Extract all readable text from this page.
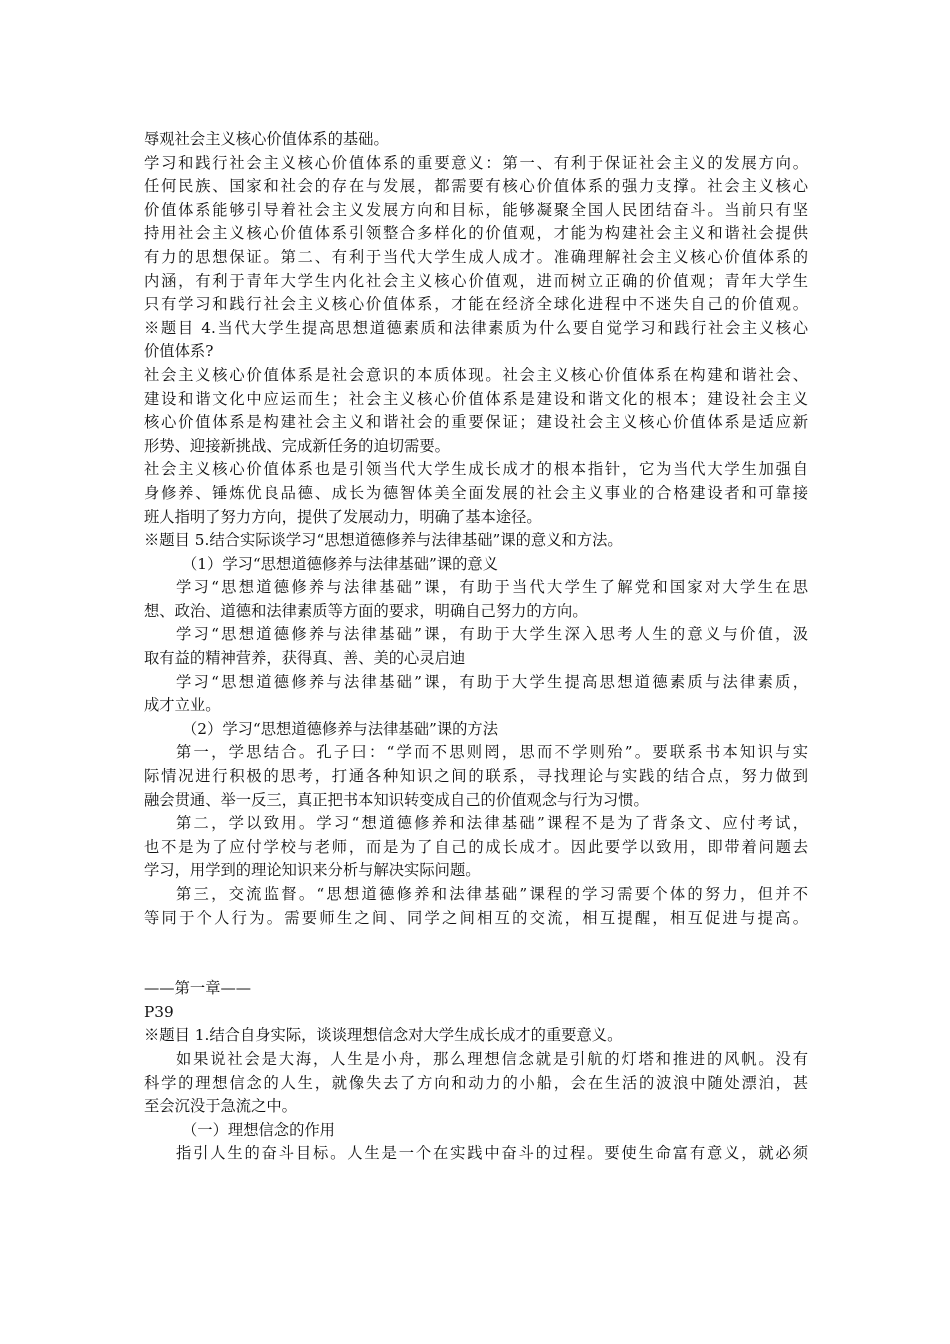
辱观社会主义核心价值体系的基础。
学习和践行社会主义核心价值体系的重要意义：第一、有利于保证社会主义的发展方向。
任何民族、国家和社会的存在与发展，都需要有核心价值体系的强力支撑。社会主义核心
价值体系能够引导着社会主义发展方向和目标，能够凝聚全国人民团结奋斗。当前只有坚
持用社会主义核心价值体系引领整合多样化的价值观，才能为构建社会主义和谐社会提供
有力的思想保证。第二、有利于当代大学生成人成才。准确理解社会主义核心价值体系的
内涵，有利于青年大学生内化社会主义核心价值观，进而树立正确的价值观；青年大学生
只有学习和践行社会主义核心价值体系，才能在经济全球化进程中不迷失自己的价值观。
※题目 4.当代大学生提高思想道德素质和法律素质为什么要自觉学习和践行社会主义核心
价值体系?
社会主义核心价值体系是社会意识的本质体现。社会主义核心价值体系在构建和谐社会、
建设和谐文化中应运而生；社会主义核心价值体系是建设和谐文化的根本；建设社会主义
核心价值体系是构建社会主义和谐社会的重要保证；建设社会主义核心价值体系是适应新
形势、迎接新挑战、完成新任务的迫切需要。
社会主义核心价值体系也是引领当代大学生成长成才的根本指针，它为当代大学生加强自
身修养、锤炼优良品德、成长为德智体美全面发展的社会主义事业的合格建设者和可靠接
班人指明了努力方向，提供了发展动力，明确了基本途径。
※题目 5.结合实际谈学习“思想道德修养与法律基础”课的意义和方法。
（1）学习“思想道德修养与法律基础”课的意义
学习“思想道德修养与法律基础”课，有助于当代大学生了解党和国家对大学生在思
想、政治、道德和法律素质等方面的要求，明确自己努力的方向。
学习“思想道德修养与法律基础”课，有助于大学生深入思考人生的意义与价值，汲
取有益的精神营养，获得真、善、美的心灵启迪
学习“思想道德修养与法律基础”课，有助于大学生提高思想道德素质与法律素质，
成才立业。
（2）学习“思想道德修养与法律基础”课的方法
第一，学思结合。孔子曰：“学而不思则罔，思而不学则殆”。要联系书本知识与实
际情况进行积极的思考，打通各种知识之间的联系，寻找理论与实践的结合点，努力做到
融会贯通、举一反三，真正把书本知识转变成自己的价值观念与行为习惯。
第二，学以致用。学习“想道德修养和法律基础”课程不是为了背条文、应付考试，
也不是为了应付学校与老师，而是为了自己的成长成才。因此要学以致用，即带着问题去
学习，用学到的理论知识来分析与解决实际问题。
第三，交流监督。“思想道德修养和法律基础”课程的学习需要个体的努力，但并不
等同于个人行为。需要师生之间、同学之间相互的交流，相互提醒，相互促进与提高。
——第一章——
P39
※题目 1.结合自身实际，谈谈理想信念对大学生成长成才的重要意义。
如果说社会是大海，人生是小舟，那么理想信念就是引航的灯塔和推进的风帆。没有
科学的理想信念的人生，就像失去了方向和动力的小船，会在生活的波浪中随处漂泊，甚
至会沉没于急流之中。
（一）理想信念的作用
指引人生的奋斗目标。人生是一个在实践中奋斗的过程。要使生命富有意义，就必须
